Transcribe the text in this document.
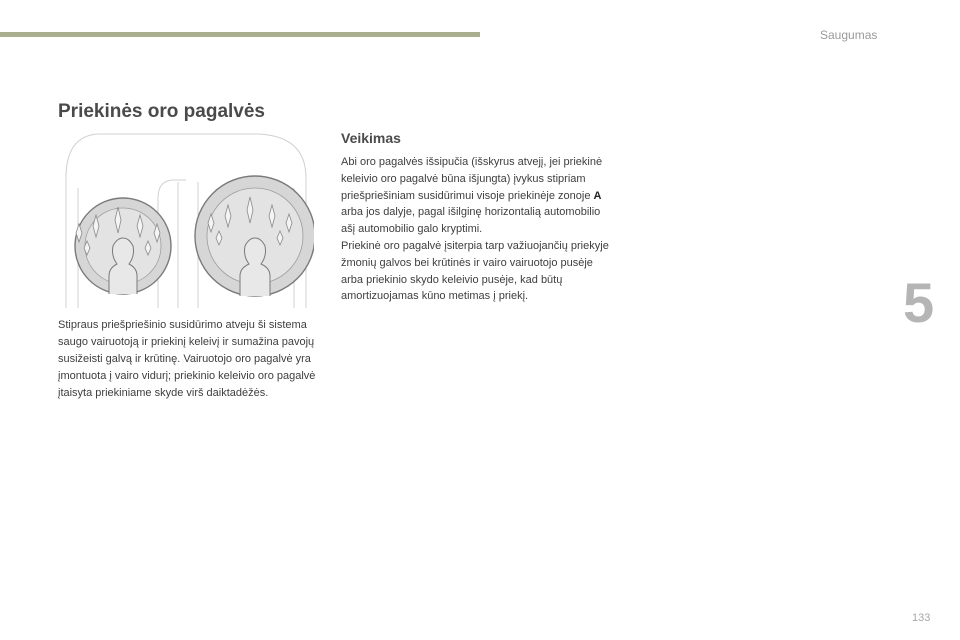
Saugumas
Priekinės oro pagalvės
Stipraus priešpriešinio susidūrimo atveju ši sistema saugo vairuotoją ir priekinį keleivį ir sumažina pavojų susižeisti galvą ir krūtinę. Vairuotojo oro pagalvė yra įmontuota į vairo vidurį; priekinio keleivio oro pagalvė įtaisyta priekiniame skyde virš daiktadėžės.
Veikimas

Abi oro pagalvės išsipučia (išskyrus atvejį, jei priekinė keleivio oro pagalvė būna išjungta) įvykus stipriam priešpriešiniam susidūrimui visoje priekinėje zonoje A arba jos dalyje, pagal išilginę horizontalią automobilio ašį automobilio galo kryptimi.

Priekinė oro pagalvė įsiterpia tarp važiuojančių priekyje žmonių galvos bei krūtinės ir vairo vairuotojo pusėje arba priekinio skydo keleivio pusėje, kad būtų amortizuojamas kūno metimas į priekį.	5
133
